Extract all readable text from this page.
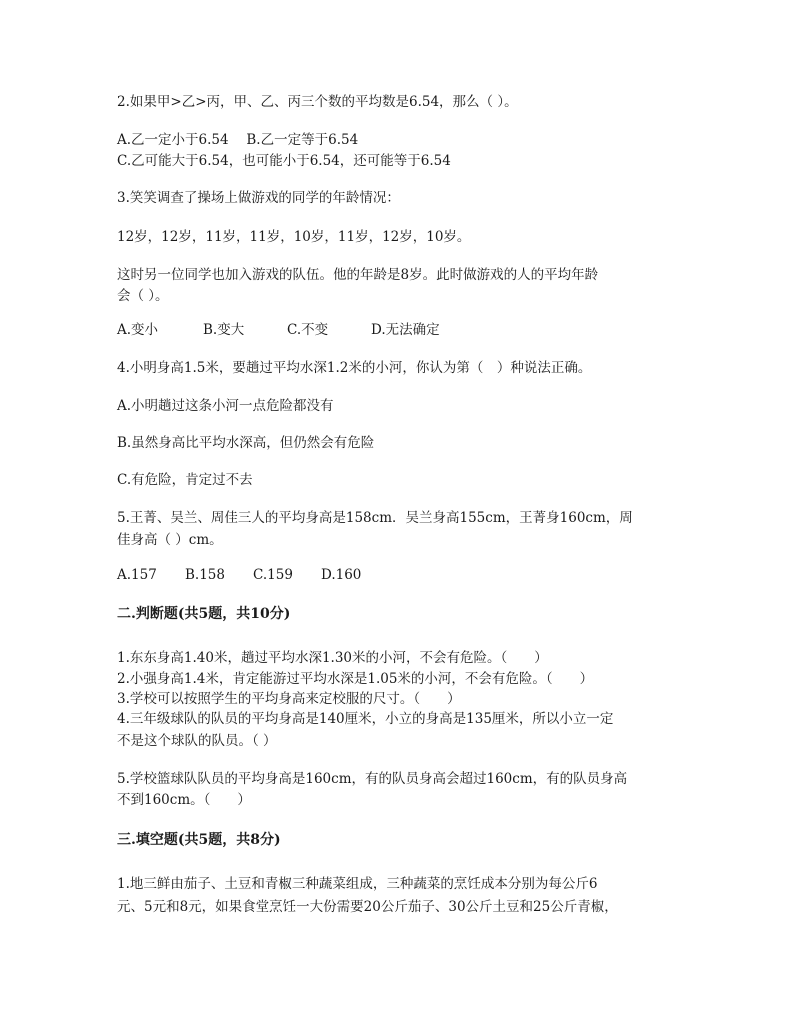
2.如果甲>乙>丙，甲、乙、丙三个数的平均数是6.54，那么（ ）。
A.乙一定小于6.54　 B.乙一定等于6.54
C.乙可能大于6.54，也可能小于6.54，还可能等于6.54
3.笑笑调查了操场上做游戏的同学的年龄情况：
12岁，12岁，11岁，11岁，10岁，11岁，12岁，10岁。
这时另一位同学也加入游戏的队伍。他的年龄是8岁。此时做游戏的人的平均年龄
会（ ）。
A.变小	B.变大	C.不变	D.无法确定
4.小明身高1.5米，要趟过平均水深1.2米的小河，你认为第（　）种说法正确。
A.小明趟过这条小河一点危险都没有
B.虽然身高比平均水深高，但仍然会有危险
C.有危险，肯定过不去
5.王菁、吴兰、周佳三人的平均身高是158cm．吴兰身高155cm，王菁身160cm，周
佳身高（ ）cm。
A.157 B.158 C.159 D.160
二.判断题(共5题，共10分)
1.东东身高1.40米，趟过平均水深1.30米的小河，不会有危险。（　　）
2.小强身高1.4米，肯定能游过平均水深是1.05米的小河，不会有危险。（　　）
3.学校可以按照学生的平均身高来定校服的尺寸。（　　）
4.三年级球队的队员的平均身高是140厘米，小立的身高是135厘米，所以小立一定
不是这个球队的队员。（ ）
5.学校篮球队队员的平均身高是160cm，有的队员身高会超过160cm，有的队员身高
不到160cm。（　　）
三.填空题(共5题，共8分)
1.地三鲜由茄子、土豆和青椒三种蔬菜组成，三种蔬菜的烹饪成本分别为每公斤6
元、5元和8元，如果食堂烹饪一大份需要20公斤茄子、30公斤土豆和25公斤青椒，
